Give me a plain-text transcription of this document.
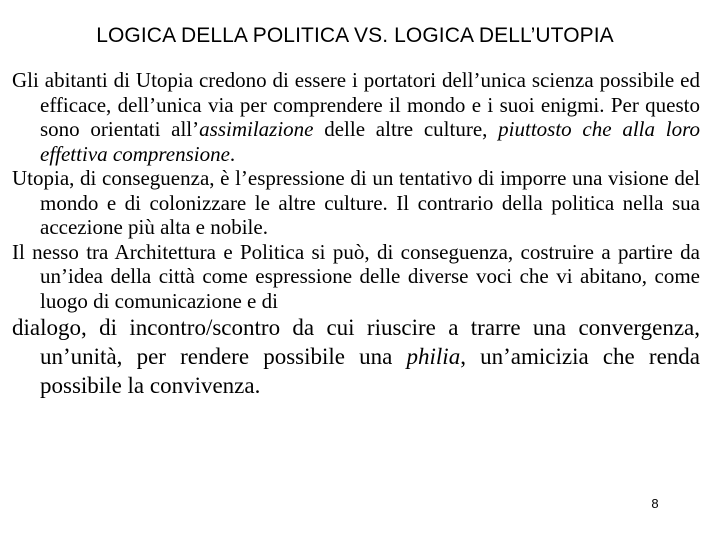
LOGICA DELLA POLITICA VS. LOGICA DELL’UTOPIA

Gli abitanti di Utopia credono di essere i portatori dell’unica scienza possibile ed efficace, dell’unica via per comprendere il mondo e i suoi enigmi. Per questo sono orientati all’assimilazione delle altre culture, piuttosto che alla loro effettiva comprensione.

Utopia, di conseguenza, è l’espressione di un tentativo di imporre una visione del mondo e di colonizzare le altre culture. Il contrario della politica nella sua accezione più alta e nobile.

Il nesso tra Architettura e Politica si può, di conseguenza, costruire a partire da un’idea della città come espressione delle diverse voci che vi abitano, come luogo di comunicazione e di
dialogo, di incontro/scontro da cui riuscire a trarre una convergenza, un’unità, per rendere possibile una philia, un’amicizia che renda possibile la convivenza.

8
